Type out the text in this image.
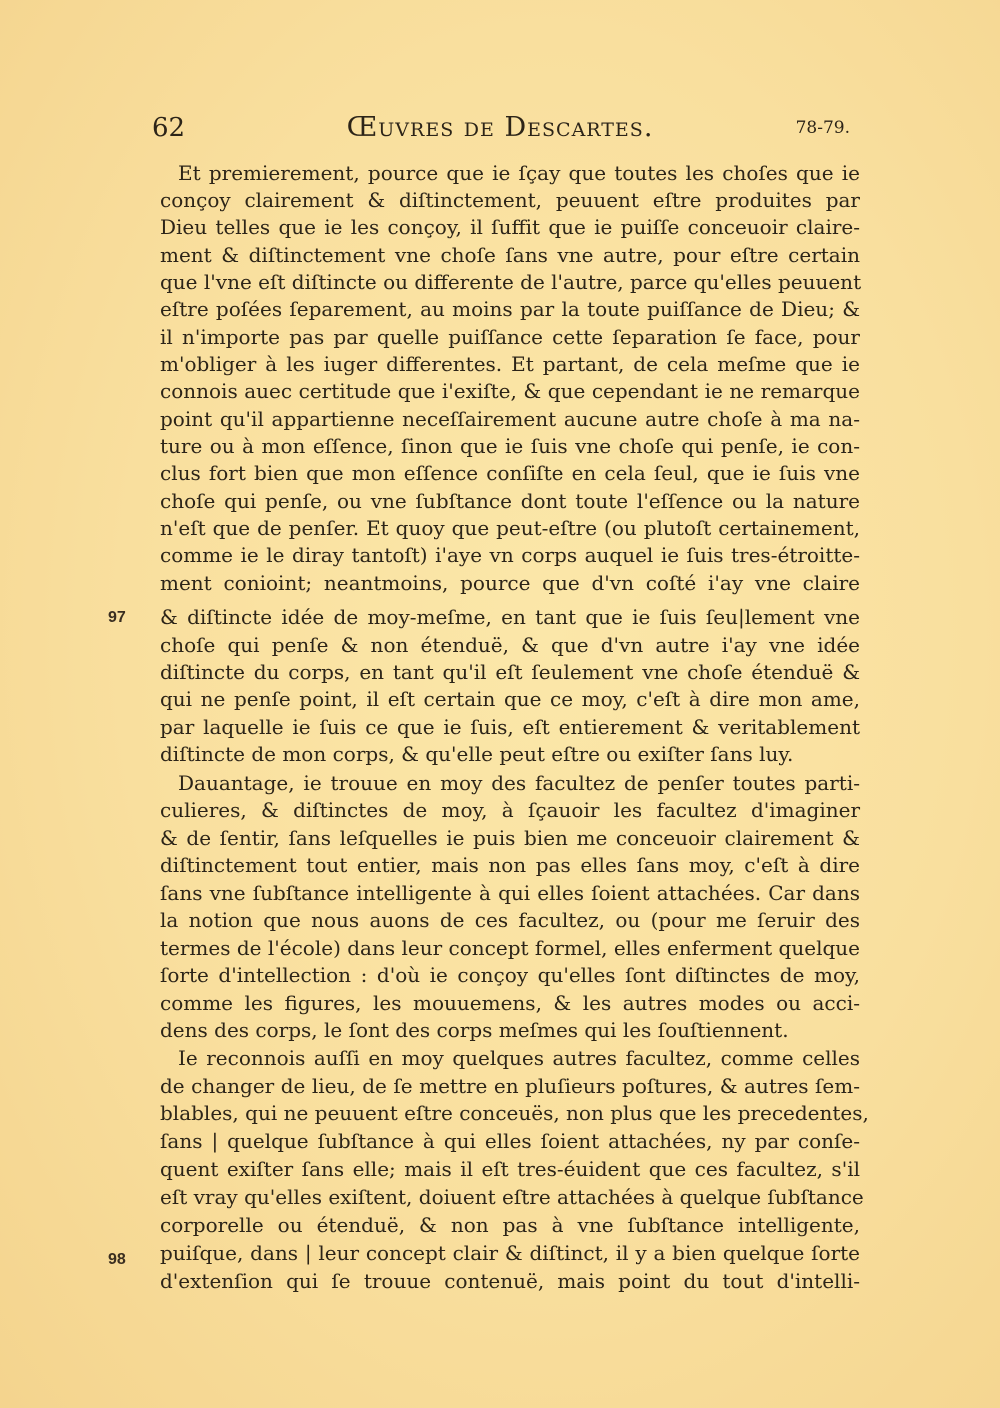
62	Œuvres de Descartes.	78-79.
97
98
Et premierement, pource que ie ſçay que toutes les choſes que ie
conçoy clairement & diſtinctement, peuuent eſtre produites par
Dieu telles que ie les conçoy, il ſuffit que ie puiſſe conceuoir claire-
ment & diſtinctement vne choſe ſans vne autre, pour eſtre certain
que l'vne eſt diſtincte ou differente de l'autre, parce qu'elles peuuent
eſtre poſées ſeparement, au moins par la toute puiſſance de Dieu; &
il n'importe pas par quelle puiſſance cette ſeparation ſe face, pour
m'obliger à les iuger differentes. Et partant, de cela meſme que ie
connois auec certitude que i'exiſte, & que cependant ie ne remarque
point qu'il appartienne neceſſairement aucune autre choſe à ma na-
ture ou à mon eſſence, ſinon que ie ſuis vne choſe qui penſe, ie con-
clus fort bien que mon eſſence conſiſte en cela ſeul, que ie ſuis vne
choſe qui penſe, ou vne ſubſtance dont toute l'eſſence ou la nature
n'eſt que de penſer. Et quoy que peut-eſtre (ou plutoſt certainement,
comme ie le diray tantoſt) i'aye vn corps auquel ie ſuis tres-étroitte-
ment conioint; neantmoins, pource que d'vn coſté i'ay vne claire
& diſtincte idée de moy-meſme, en tant que ie ſuis ſeu|lement vne
choſe qui penſe & non étenduë, & que d'vn autre i'ay vne idée
diſtincte du corps, en tant qu'il eſt ſeulement vne choſe étenduë &
qui ne penſe point, il eſt certain que ce moy, c'eſt à dire mon ame,
par laquelle ie ſuis ce que ie ſuis, eſt entierement & veritablement
diſtincte de mon corps, & qu'elle peut eſtre ou exiſter ſans luy.
Dauantage, ie trouue en moy des facultez de penſer toutes parti-
culieres, & diſtinctes de moy, à ſçauoir les facultez d'imaginer
& de ſentir, ſans leſquelles ie puis bien me conceuoir clairement &
diſtinctement tout entier, mais non pas elles ſans moy, c'eſt à dire
ſans vne ſubſtance intelligente à qui elles ſoient attachées. Car dans
la notion que nous auons de ces facultez, ou (pour me ſeruir des
termes de l'école) dans leur concept formel, elles enferment quelque
ſorte d'intellection : d'où ie conçoy qu'elles ſont diſtinctes de moy,
comme les figures, les mouuemens, & les autres modes ou acci-
dens des corps, le ſont des corps meſmes qui les ſouſtiennent.
Ie reconnois auſſi en moy quelques autres facultez, comme celles
de changer de lieu, de ſe mettre en pluſieurs poſtures, & autres ſem-
blables, qui ne peuuent eſtre conceuës, non plus que les precedentes,
ſans | quelque ſubſtance à qui elles ſoient attachées, ny par conſe-
quent exiſter ſans elle; mais il eſt tres-éuident que ces facultez, s'il
eſt vray qu'elles exiſtent, doiuent eſtre attachées à quelque ſubſtance
corporelle ou étenduë, & non pas à vne ſubſtance intelligente,
puiſque, dans | leur concept clair & diſtinct, il y a bien quelque ſorte
d'extenſion qui ſe trouue contenuë, mais point du tout d'intelli-
